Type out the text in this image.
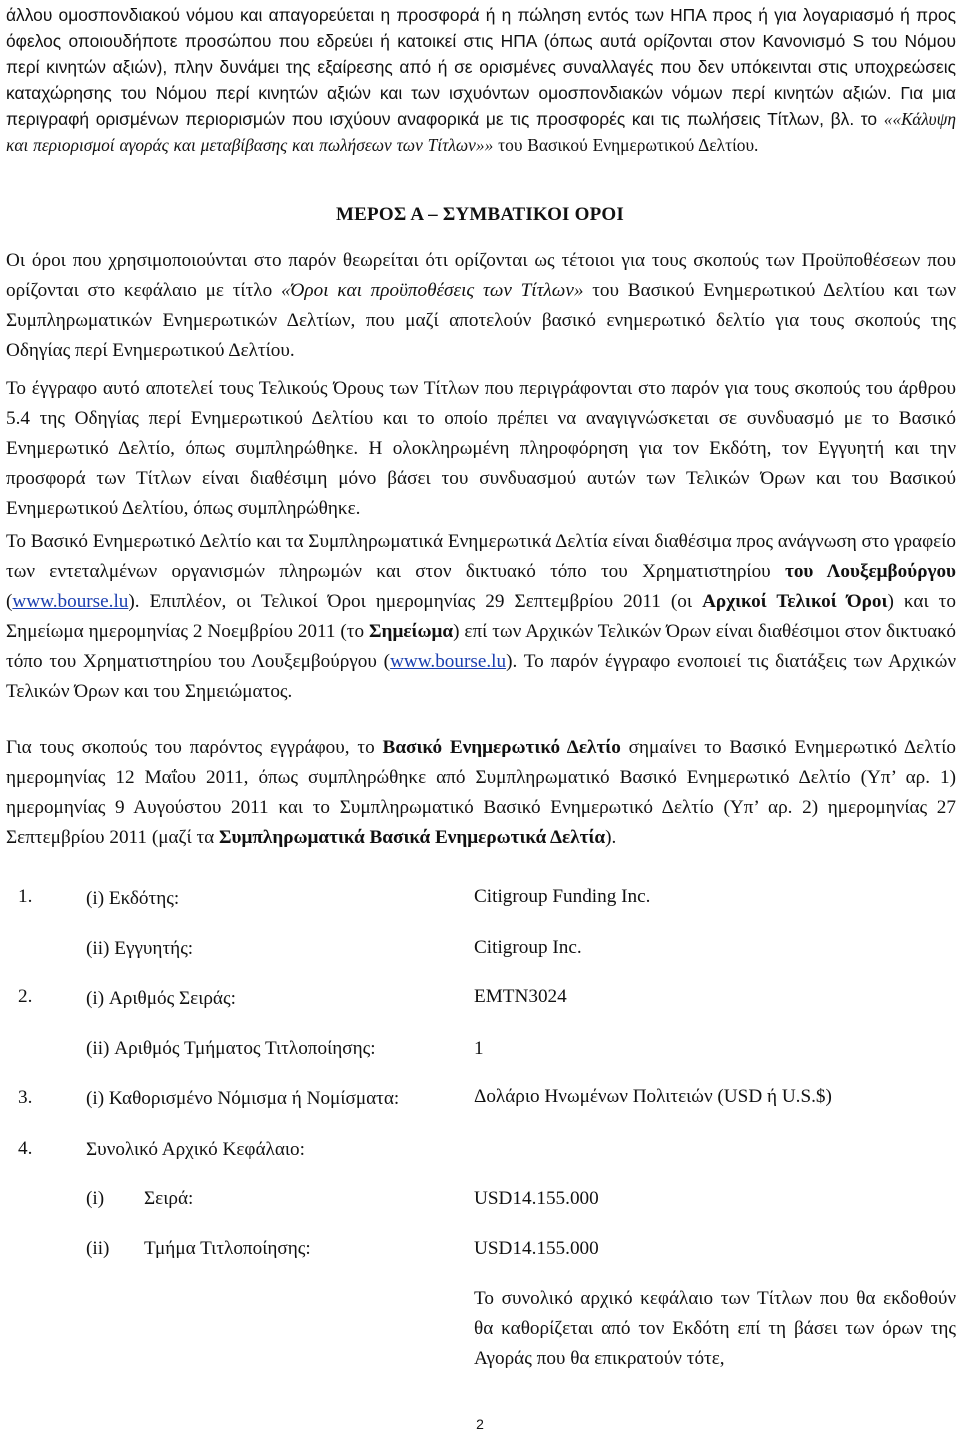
άλλου ομοσπονδιακού νόμου και απαγορεύεται η προσφορά ή η πώληση εντός των ΗΠΑ προς ή για λογαριασμό ή προς όφελος οποιουδήποτε προσώπου που εδρεύει ή κατοικεί στις ΗΠΑ (όπως αυτά ορίζονται στον Κανονισμό S του Νόμου περί κινητών αξιών), πλην δυνάμει της εξαίρεσης από ή σε ορισμένες συναλλαγές που δεν υπόκεινται στις υποχρεώσεις καταχώρησης του Νόμου περί κινητών αξιών και των ισχυόντων ομοσπονδιακών νόμων περί κινητών αξιών. Για μια περιγραφή ορισμένων περιορισμών που ισχύουν αναφορικά με τις προσφορές και τις πωλήσεις Τίτλων, βλ. το ««Κάλυψη και περιορισμοί αγοράς και μεταβίβασης και πωλήσεων των Τίτλων»» του Βασικού Ενημερωτικού Δελτίου.

ΜΕΡΟΣ Α – ΣΥΜΒΑΤΙΚΟΙ ΟΡΟΙ

Οι όροι που χρησιμοποιούνται στο παρόν θεωρείται ότι ορίζονται ως τέτοιοι για τους σκοπούς των Προϋποθέσεων που ορίζονται στο κεφάλαιο με τίτλο «Όροι και προϋποθέσεις των Τίτλων» του Βασικού Ενημερωτικού Δελτίου και των Συμπληρωματικών Ενημερωτικών Δελτίων, που μαζί αποτελούν βασικό ενημερωτικό δελτίο για τους σκοπούς της Οδηγίας περί Ενημερωτικού Δελτίου.

Το έγγραφο αυτό αποτελεί τους Τελικούς Όρους των Τίτλων που περιγράφονται στο παρόν για τους σκοπούς του άρθρου 5.4 της Οδηγίας περί Ενημερωτικού Δελτίου και το οποίο πρέπει να αναγιγνώσκεται σε συνδυασμό με το Βασικό Ενημερωτικό Δελτίο, όπως συμπληρώθηκε. Η ολοκληρωμένη πληροφόρηση για τον Εκδότη, τον Εγγυητή και την προσφορά των Τίτλων είναι διαθέσιμη μόνο βάσει του συνδυασμού αυτών των Τελικών Όρων και του Βασικού Ενημερωτικού Δελτίου, όπως συμπληρώθηκε.

Το Βασικό Ενημερωτικό Δελτίο και τα Συμπληρωματικά Ενημερωτικά Δελτία είναι διαθέσιμα προς ανάγνωση στο γραφείο των εντεταλμένων οργανισμών πληρωμών και στον δικτυακό τόπο του Χρηματιστηρίου του Λουξεμβούργου (www.bourse.lu). Επιπλέον, οι Τελικοί Όροι ημερομηνίας 29 Σεπτεμβρίου 2011 (οι Αρχικοί Τελικοί Όροι) και το Σημείωμα ημερομηνίας 2 Νοεμβρίου 2011 (το Σημείωμα) επί των Αρχικών Τελικών Όρων είναι διαθέσιμοι στον δικτυακό τόπο του Χρηματιστηρίου του Λουξεμβούργου (www.bourse.lu). Το παρόν έγγραφο ενοποιεί τις διατάξεις των Αρχικών Τελικών Όρων και του Σημειώματος.

Για τους σκοπούς του παρόντος εγγράφου, το Βασικό Ενημερωτικό Δελτίο σημαίνει το Βασικό Ενημερωτικό Δελτίο ημερομηνίας 12 Μαΐου 2011, όπως συμπληρώθηκε από Συμπληρωματικό Βασικό Ενημερωτικό Δελτίο (Υπ’ αρ. 1) ημερομηνίας 9 Αυγούστου 2011 και το Συμπληρωματικό Βασικό Ενημερωτικό Δελτίο (Υπ’ αρ. 2) ημερομηνίας 27 Σεπτεμβρίου 2011 (μαζί τα Συμπληρωματικά Βασικά Ενημερωτικά Δελτία).

1.	(i) Εκδότης:	Citigroup Funding Inc.
(ii) Εγγυητής:	Citigroup Inc.
2.	(i) Αριθμός Σειράς:	EMTN3024
(ii) Αριθμός Τμήματος Τιτλοποίησης:	1
3.	(i) Καθορισμένο Νόμισμα ή Νομίσματα:	Δολάριο Ηνωμένων Πολιτειών (USD ή U.S.$)
4.	Συνολικό Αρχικό Κεφάλαιο:
(i) Σειρά:	USD14.155.000
(ii) Τμήμα Τιτλοποίησης:	USD14.155.000
Το συνολικό αρχικό κεφάλαιο των Τίτλων που θα εκδοθούν θα καθορίζεται από τον Εκδότη επί τη βάσει των όρων της Αγοράς που θα επικρατούν τότε,
2
